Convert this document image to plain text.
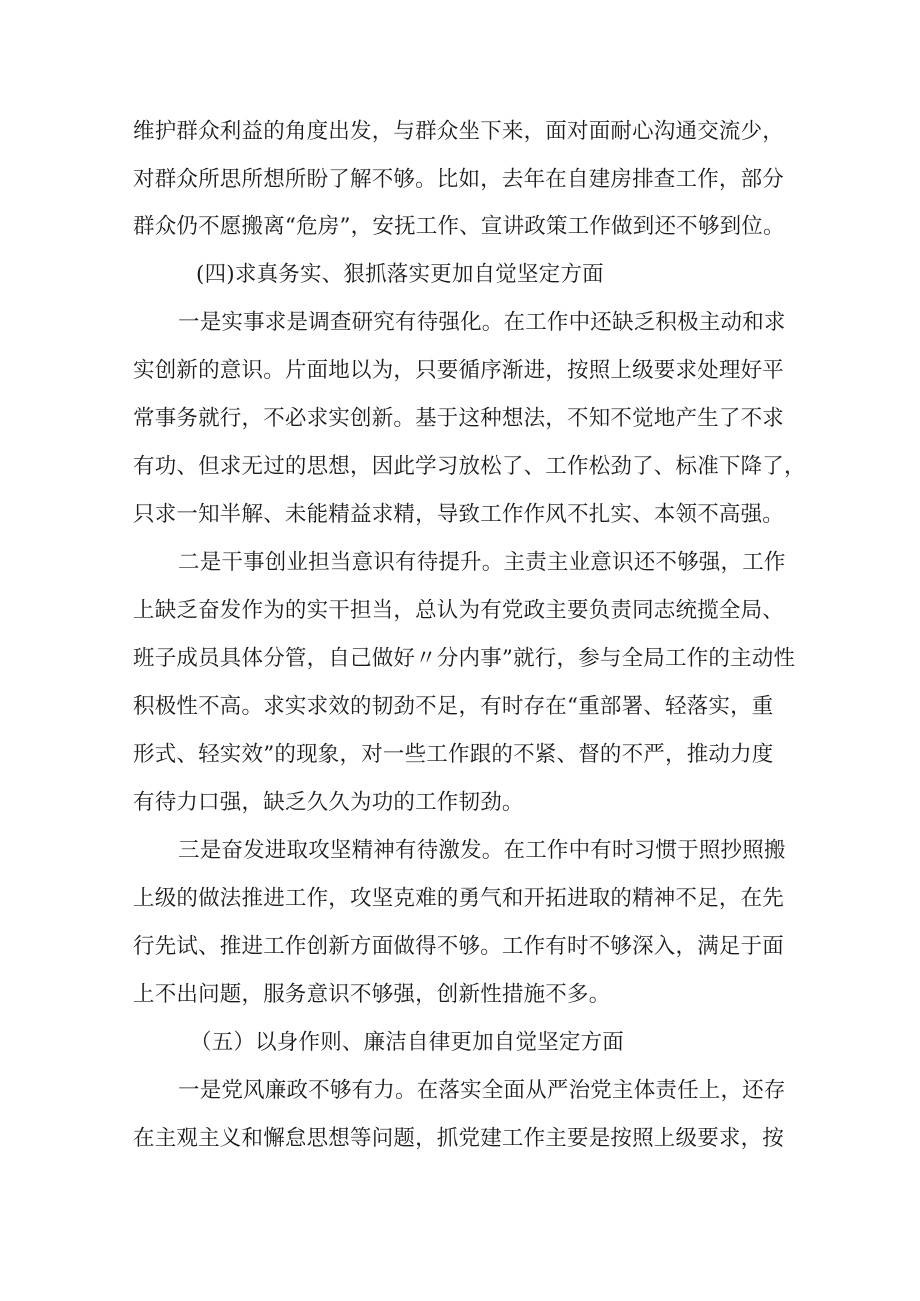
维护群众利益的角度出发，与群众坐下来，面对面耐心沟通交流少，
对群众所思所想所盼了解不够。比如，去年在自建房排查工作，部分
群众仍不愿搬离“危房”，安抚工作、宣讲政策工作做到还不够到位。
(四)求真务实、狠抓落实更加自觉坚定方面
一是实事求是调查研究有待强化。在工作中还缺乏积极主动和求
实创新的意识。片面地以为，只要循序渐进，按照上级要求处理好平
常事务就行，不必求实创新。基于这种想法，不知不觉地产生了不求
有功、但求无过的思想，因此学习放松了、工作松劲了、标准下降了，
只求一知半解、未能精益求精，导致工作作风不扎实、本领不高强。
二是干事创业担当意识有待提升。主责主业意识还不够强，工作
上缺乏奋发作为的实干担当，总认为有党政主要负责同志统揽全局、
班子成员具体分管，自己做好〃分内事”就行，参与全局工作的主动性
积极性不高。求实求效的韧劲不足，有时存在“重部署、轻落实，重
形式、轻实效”的现象，对一些工作跟的不紧、督的不严，推动力度
有待力口强，缺乏久久为功的工作韧劲。
三是奋发进取攻坚精神有待激发。在工作中有时习惯于照抄照搬
上级的做法推进工作，攻坚克难的勇气和开拓进取的精神不足，在先
行先试、推进工作创新方面做得不够。工作有时不够深入，满足于面
上不出问题，服务意识不够强，创新性措施不多。
（五）以身作则、廉洁自律更加自觉坚定方面
一是党风廉政不够有力。在落实全面从严治党主体责任上，还存
在主观主义和懈怠思想等问题，抓党建工作主要是按照上级要求，按
